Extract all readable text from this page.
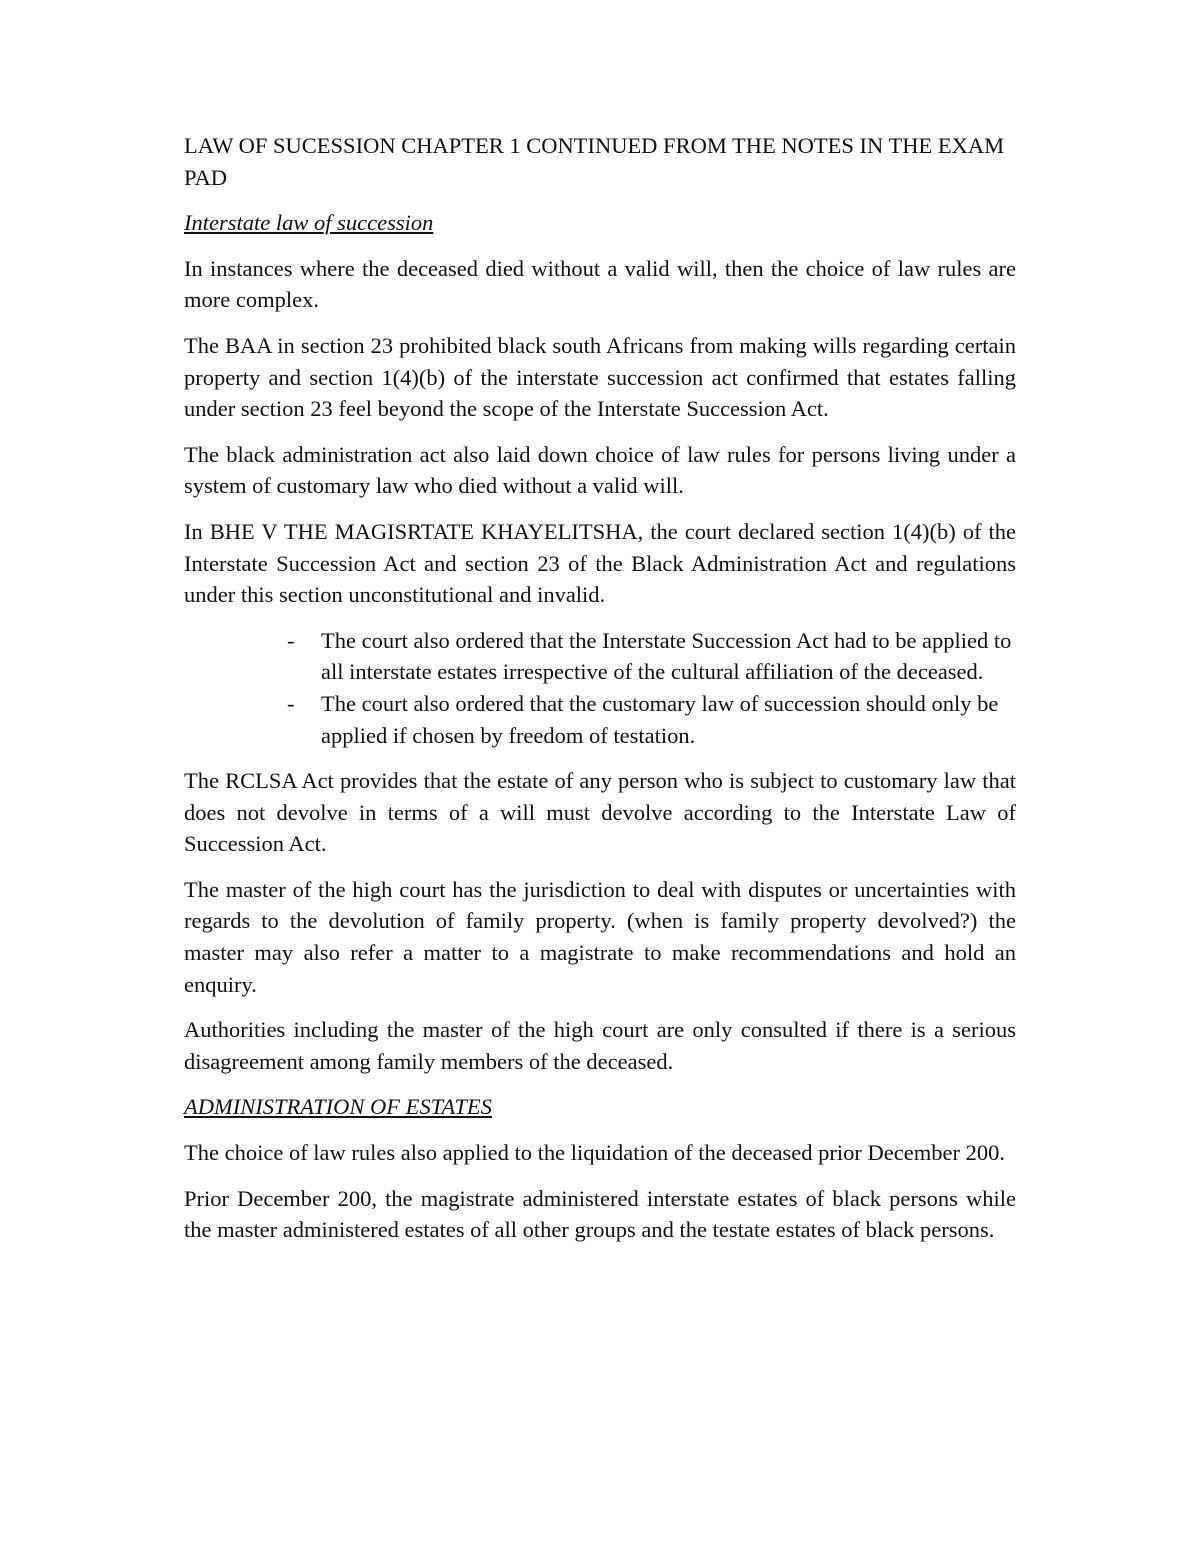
LAW OF SUCESSION CHAPTER 1 CONTINUED FROM THE NOTES IN THE EXAM PAD

Interstate law of succession

In instances where the deceased died without a valid will, then the choice of law rules are more complex.

The BAA in section 23 prohibited black south Africans from making wills regarding certain property and section 1(4)(b) of the interstate succession act confirmed that estates falling under section 23 feel beyond the scope of the Interstate Succession Act.

The black administration act also laid down choice of law rules for persons living under a system of customary law who died without a valid will.

In BHE V THE MAGISRTATE KHAYELITSHA, the court declared section 1(4)(b) of the Interstate Succession Act and section 23 of the Black Administration Act and regulations under this section unconstitutional and invalid.

- The court also ordered that the Interstate Succession Act had to be applied to all interstate estates irrespective of the cultural affiliation of the deceased.
- The court also ordered that the customary law of succession should only be applied if chosen by freedom of testation.

The RCLSA Act provides that the estate of any person who is subject to customary law that does not devolve in terms of a will must devolve according to the Interstate Law of Succession Act.

The master of the high court has the jurisdiction to deal with disputes or uncertainties with regards to the devolution of family property. (when is family property devolved?) the master may also refer a matter to a magistrate to make recommendations and hold an enquiry.

Authorities including the master of the high court are only consulted if there is a serious disagreement among family members of the deceased.

ADMINISTRATION OF ESTATES

The choice of law rules also applied to the liquidation of the deceased prior December 200.

Prior December 200, the magistrate administered interstate estates of black persons while the master administered estates of all other groups and the testate estates of black persons.
